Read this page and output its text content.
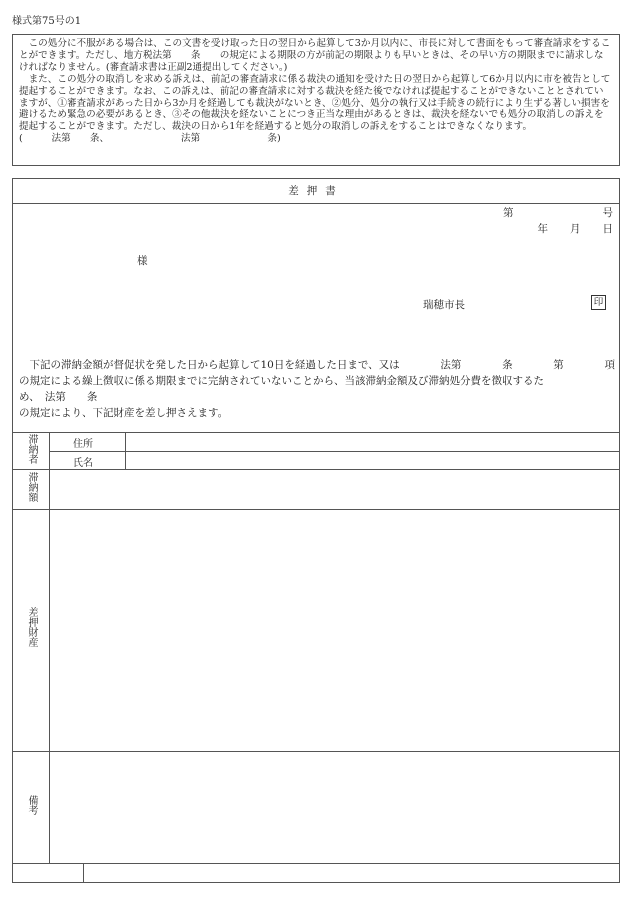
様式第75号の1

この処分に不服がある場合は、この文書を受け取った日の翌日から起算して3か月以内に、市長に対して書面をもって審査請求をすることができます。ただし、地方税法第　　条　　の規定による期限の方が前記の期限よりも早いときは、その早い方の期限までに請求しなければなりません。(審査請求書は正副2通提出してください。)

また、この処分の取消しを求める訴えは、前記の審査請求に係る裁決の通知を受けた日の翌日から起算して6か月以内に市を被告として提起することができます。なお、この訴えは、前記の審査請求に対する裁決を経た後でなければ提起することができないこととされていますが、①審査請求があった日から3か月を経過しても裁決がないとき、②処分、処分の執行又は手続きの続行により生ずる著しい損害を避けるため緊急の必要があるとき、③その他裁決を経ないことにつき正当な理由があるときは、裁決を経ないでも処分の取消しの訴えを提起することができます。ただし、裁決の日から1年を経過すると処分の取消しの訴えをすることはできなくなります。

(　　　法第　　条、　　　　　　　　法第　　　　　　　条)

差押書
第	号
年 月 日
様
瑞穂市長	印

下記の滞納金額が督促状を発した日から起算して10日を経過した日まで、又は	法第	条	第	項

の規定による繰上徴収に係る期限までに完納されていないことから、当該滞納金額及び滞納処分費を徴収するた

め、　法第　　条

の規定により、下記財産を差し押さえます。

滞納者	住所
氏名
滞納額
差押財産
備考
